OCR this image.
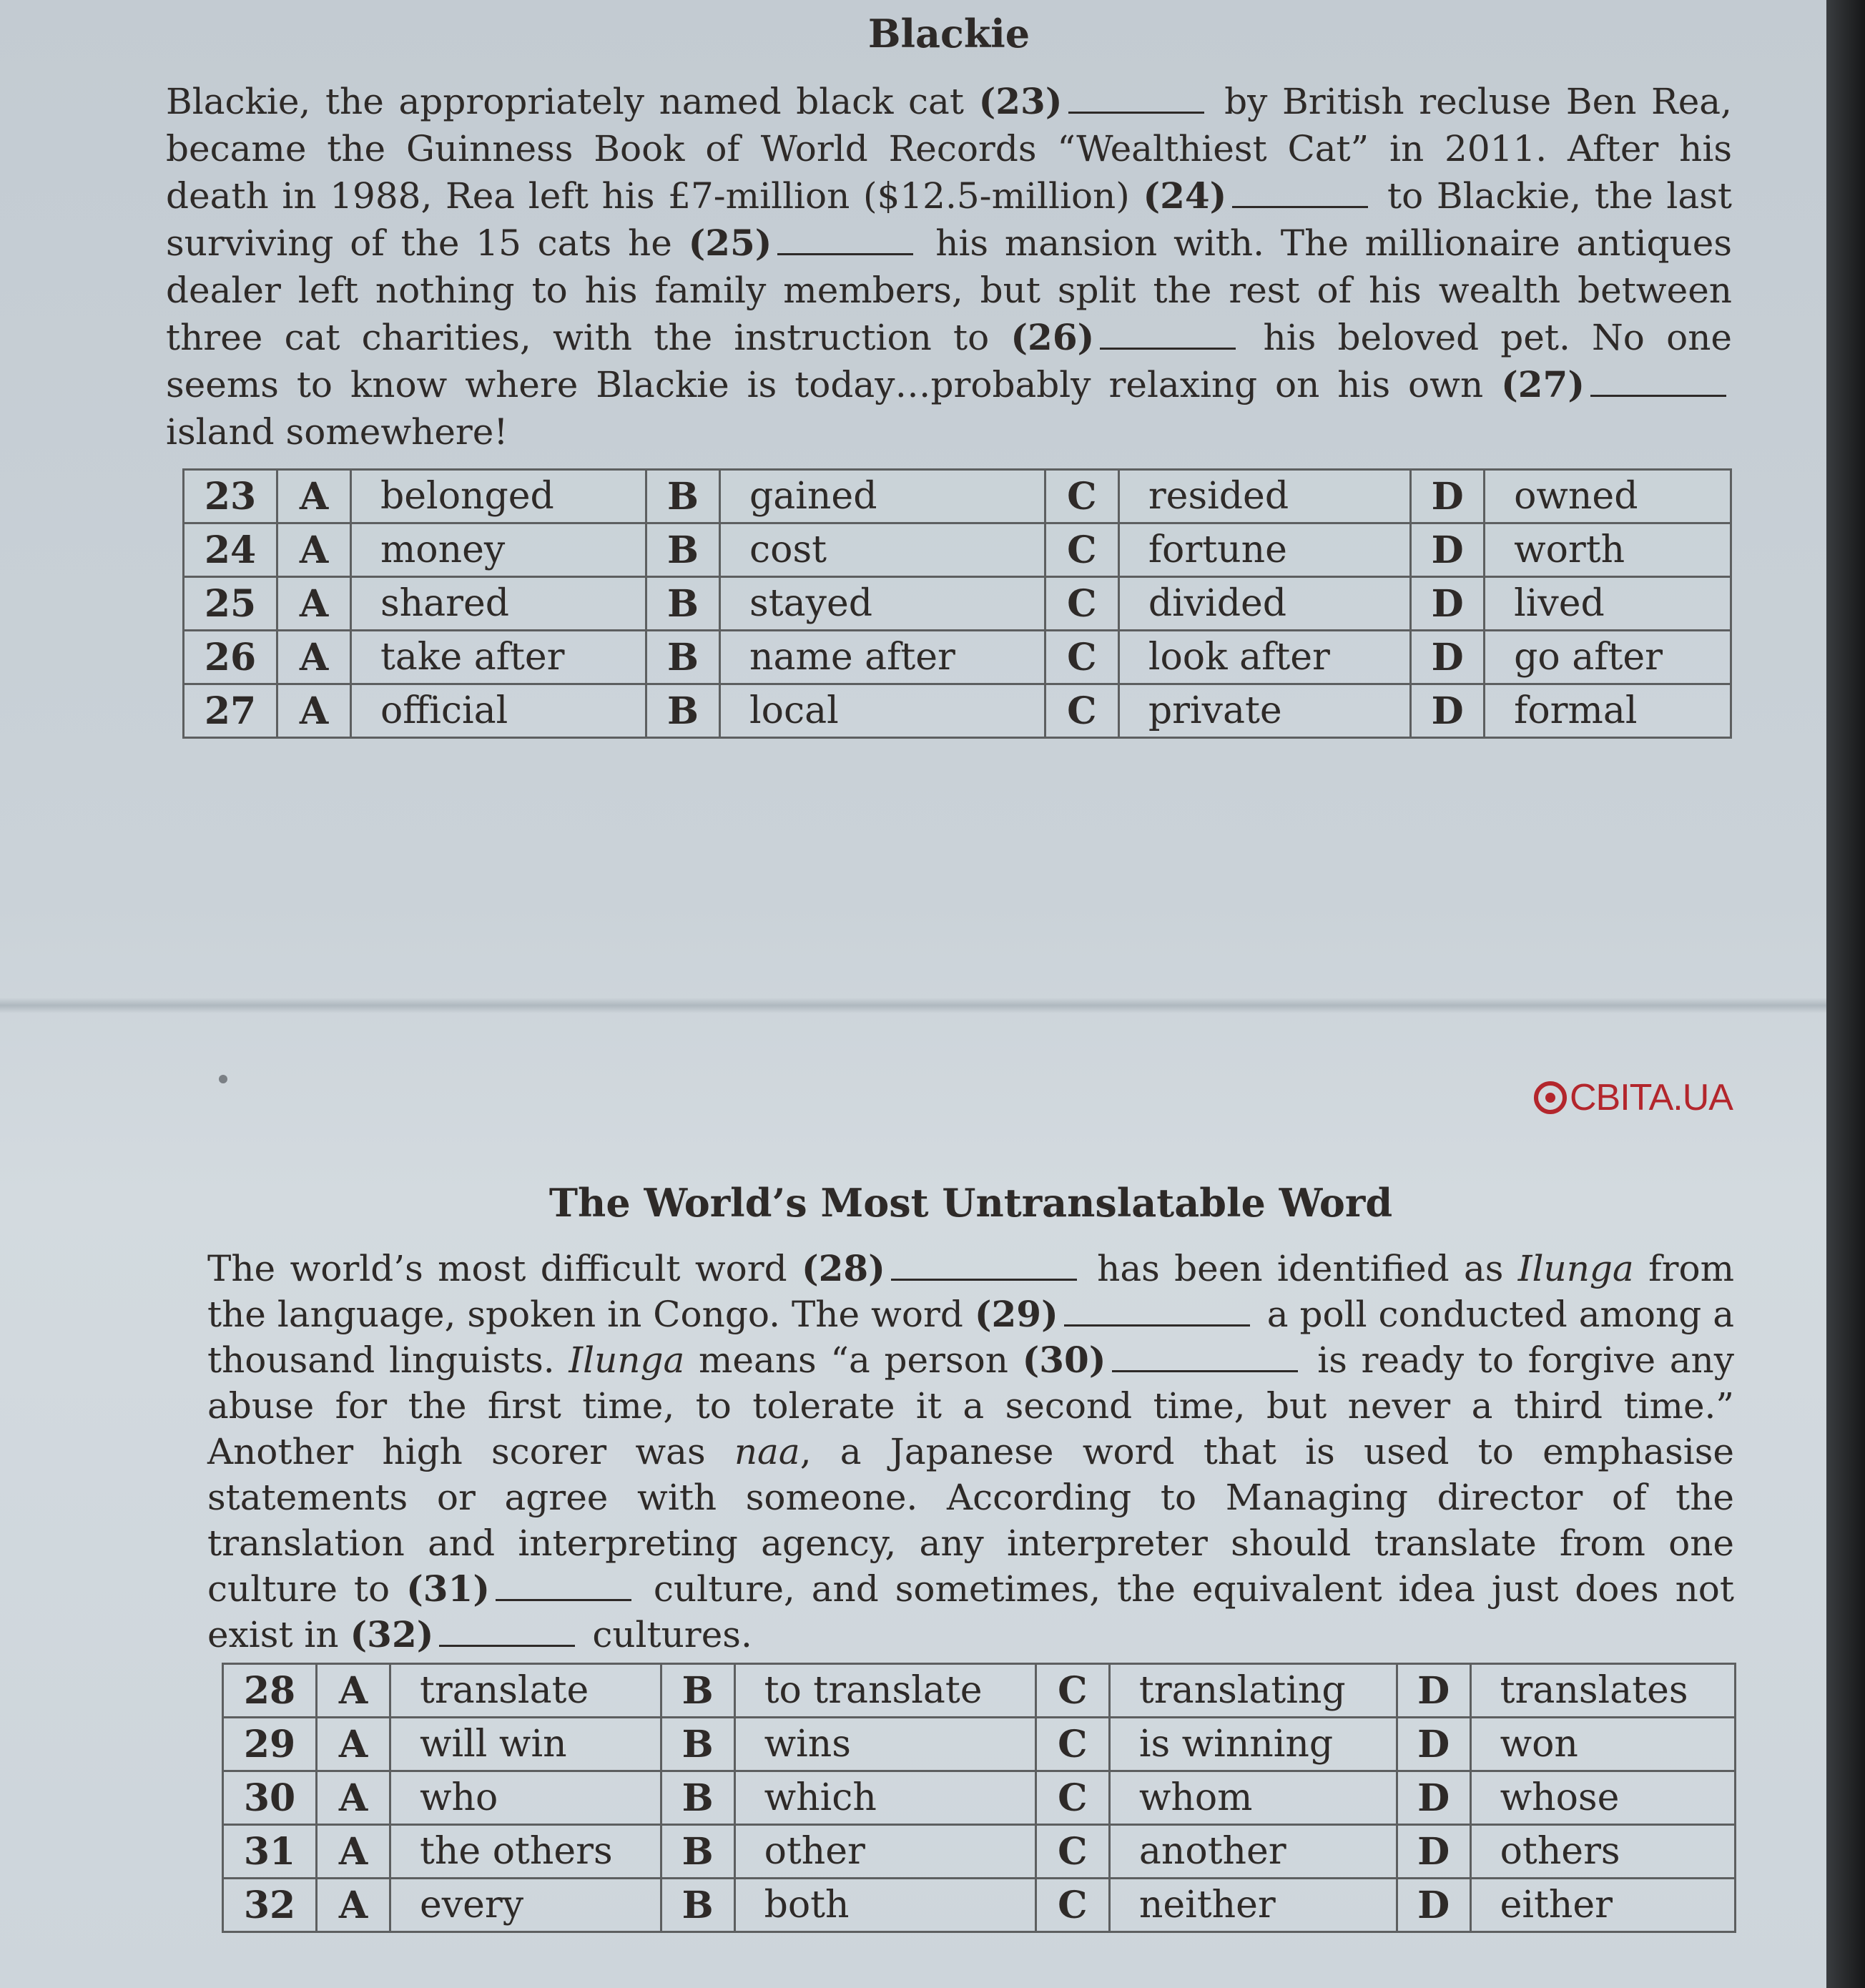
Blackie

Blackie, the appropriately named black cat (23)	by British recluse Ben Rea, became the Guinness Book of World Records “Wealthiest Cat” in 2011. After his death in 1988, Rea left his £7-million ($12.5-million) (24)	to Blackie, the last surviving of the 15 cats he (25)	his mansion with. The millionaire antiques dealer left nothing to his family members, but split the rest of his wealth between three cat charities, with the instruction to (26)	his beloved pet. No one seems to know where Blackie is today…probably relaxing on his own (27) island somewhere!

23	A	belonged	B	gained	C	resided	D	owned
24	A	money	B	cost	C	fortune	D	worth
25	A	shared	B	stayed	C	divided	D	lived
26	A	take after	B	name after	C	look after	D	go after
27	A	official	B	local	C	private	D	formal
CBITA.UA
The World’s Most Untranslatable Word

The world’s most difficult word (28)	has been identified as Ilunga from the language, spoken in Congo. The word (29)	a poll conducted among a thousand linguists. Ilunga means “a person (30)	is ready to forgive any abuse for the first time, to tolerate it a second time, but never a third time.” Another high scorer was naa, a Japanese word that is used to emphasise statements or agree with someone. According to Managing director of the translation and interpreting agency, any interpreter should translate from one culture to (31)	culture, and sometimes, the equivalent idea just does not exist in (32)	cultures.

28	A	translate	B	to translate	C	translating	D	translates
29	A	will win	B	wins	C	is winning	D	won
30	A	who	B	which	C	whom	D	whose
31	A	the others	B	other	C	another	D	others
32	A	every	B	both	C	neither	D	either
